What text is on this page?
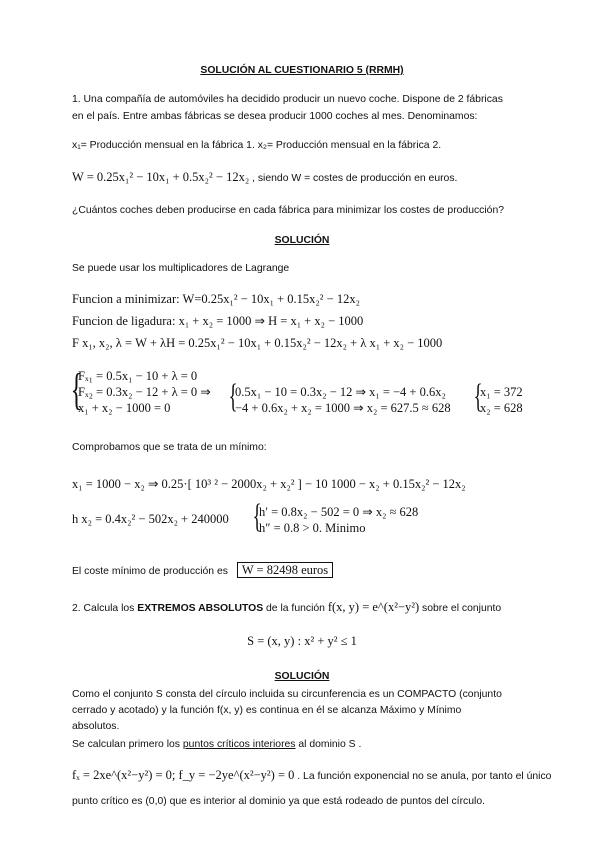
SOLUCIÓN AL CUESTIONARIO 5 (RRMH)
1. Una compañía de automóviles ha decidido producir un nuevo coche. Dispone de 2 fábricas
en el país. Entre ambas fábricas se desea producir 1000 coches al mes. Denominamos:
x₁= Producción mensual en la fábrica 1. x₂= Producción mensual en la fábrica 2.
W = 0.25x₁² − 10x₁ + 0.5x₂² − 12x₂ , siendo W = costes de producción en euros.
¿Cuántos coches deben producirse en cada fábrica para minimizar los costes de producción?
SOLUCIÓN
Se puede usar los multiplicadores de Lagrange
Funcion a minimizar: W=0.25x₁² − 10x₁ + 0.15x₂² − 12x₂
Funcion de ligadura: x₁ + x₂ = 1000 ⇒ H = x₁ + x₂ − 1000
F x₁, x₂, λ = W + λH = 0.25x₁² − 10x₁ + 0.15x₂² − 12x₂ + λ x₁ + x₂ − 1000
{
Fₓ₁ = 0.5x₁ − 10 + λ = 0
Fₓ₂ = 0.3x₂ − 12 + λ = 0 ⇒
x₁ + x₂ − 1000 = 0	{
0.5x₁ − 10 = 0.3x₂ − 12 ⇒ x₁ = −4 + 0.6x₂
−4 + 0.6x₂ + x₂ = 1000 ⇒ x₂ = 627.5 ≈ 628 {
x₁ = 372
x₂ = 628
Comprobamos que se trata de un mínimo:
x₁ = 1000 − x₂ ⇒ 0.25·[ 10³ ² − 2000x₂ + x₂² ] − 10 1000 − x₂ + 0.15x₂² − 12x₂
h x₂ = 0.4x₂² − 502x₂ + 240000 {
h′ = 0.8x₂ − 502 = 0 ⇒ x₂ ≈ 628
h″ = 0.8 > 0. Minimo
El coste mínimo de producción es W = 82498 euros
2. Calcula los EXTREMOS ABSOLUTOS de la función f(x, y) = e^(x²−y²) sobre el conjunto
S = (x, y) : x² + y² ≤ 1
SOLUCIÓN
Como el conjunto S consta del círculo incluida su circunferencia es un COMPACTO (conjunto
cerrado y acotado) y la función f(x, y) es continua en él se alcanza Máximo y Mínimo
absolutos.
Se calculan primero los puntos críticos interiores al dominio S .
fₓ = 2xe^(x²−y²) = 0; f_y = −2ye^(x²−y²) = 0 . La función exponencial no se anula, por tanto el único
punto crítico es (0,0) que es interior al dominio ya que está rodeado de puntos del círculo.
